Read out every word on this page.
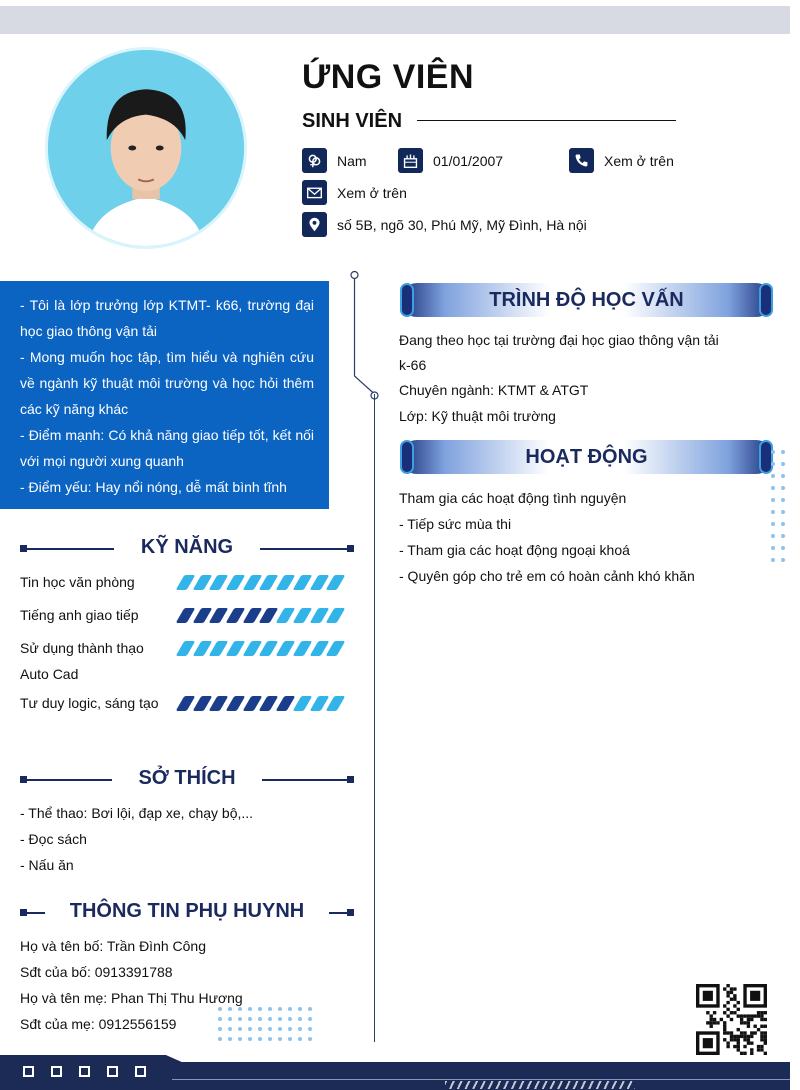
ỨNG VIÊN
SINH VIÊN
Nam	01/01/2007	Xem ở trên
Xem ở trên
số 5B, ngõ 30, Phú Mỹ, Mỹ Đình, Hà nội
- Tôi là lớp trưởng lớp KTMT- k66, trường đại học giao thông vận tải
- Mong muốn học tập, tìm hiểu và nghiên cứu về ngành kỹ thuật môi trường và học hỏi thêm các kỹ năng khác
- Điểm mạnh: Có khả năng giao tiếp tốt, kết nối với mọi người xung quanh
- Điểm yếu: Hay nổi nóng, dễ mất bình tĩnh
KỸ NĂNG
Tin học văn phòng
Tiếng anh giao tiếp
Sử dụng thành thạo Auto Cad
Tư duy logic, sáng tạo
SỞ THÍCH
- Thể thao: Bơi lội, đạp xe, chạy bộ,...
- Đọc sách
- Nấu ăn
THÔNG TIN PHỤ HUYNH
Họ và tên bố: Trần Đình Công
Sđt của bố: 0913391788
Họ và tên mẹ: Phan Thị Thu Hương
Sđt của mẹ: 0912556159
TRÌNH ĐỘ HỌC VẤN
Đang theo học tại trường đại học giao thông vận tải
k-66
Chuyên ngành: KTMT & ATGT
Lớp: Kỹ thuật môi trường
HOẠT ĐỘNG
Tham gia các hoạt động tình nguyện
- Tiếp sức mùa thi
- Tham gia các hoạt động ngoại khoá
- Quyên góp cho trẻ em có hoàn cảnh khó khăn
